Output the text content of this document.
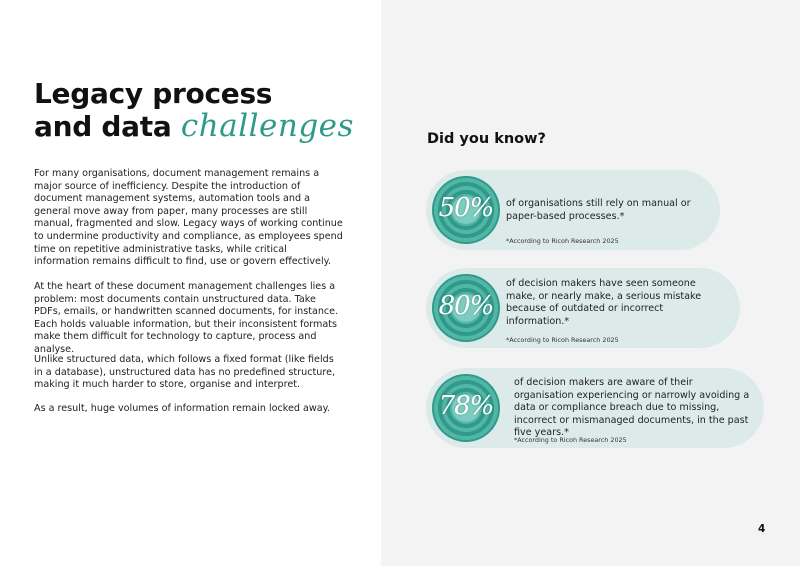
Legacy process
and data challenges

For many organisations, document management remains a major source of inefficiency. Despite the introduction of document management systems, automation tools and a general move away from paper, many processes are still manual, fragmented and slow. Legacy ways of working continue to undermine productivity and compliance, as employees spend time on repetitive administrative tasks, while critical information remains difficult to find, use or govern effectively.

At the heart of these document management challenges lies a problem: most documents contain unstructured data. Take PDFs, emails, or handwritten scanned documents, for instance. Each holds valuable information, but their inconsistent formats make them difficult for technology to capture, process and analyse.

Unlike structured data, which follows a fixed format (like fields in a database), unstructured data has no predefined structure, making it much harder to store, organise and interpret.

As a result, huge volumes of information remain locked away.

Did you know?
50%	of organisations still rely on manual or paper-based processes.*
*According to Ricoh Research 2025
80%
of decision makers have seen someone make, or nearly make, a serious mistake because of outdated or incorrect information.*
*According to Ricoh Research 2025
78%
of decision makers are aware of their organisation experiencing or narrowly avoiding a data or compliance breach due to missing, incorrect or mismanaged documents, in the past five years.*
*According to Ricoh Research 2025
4
